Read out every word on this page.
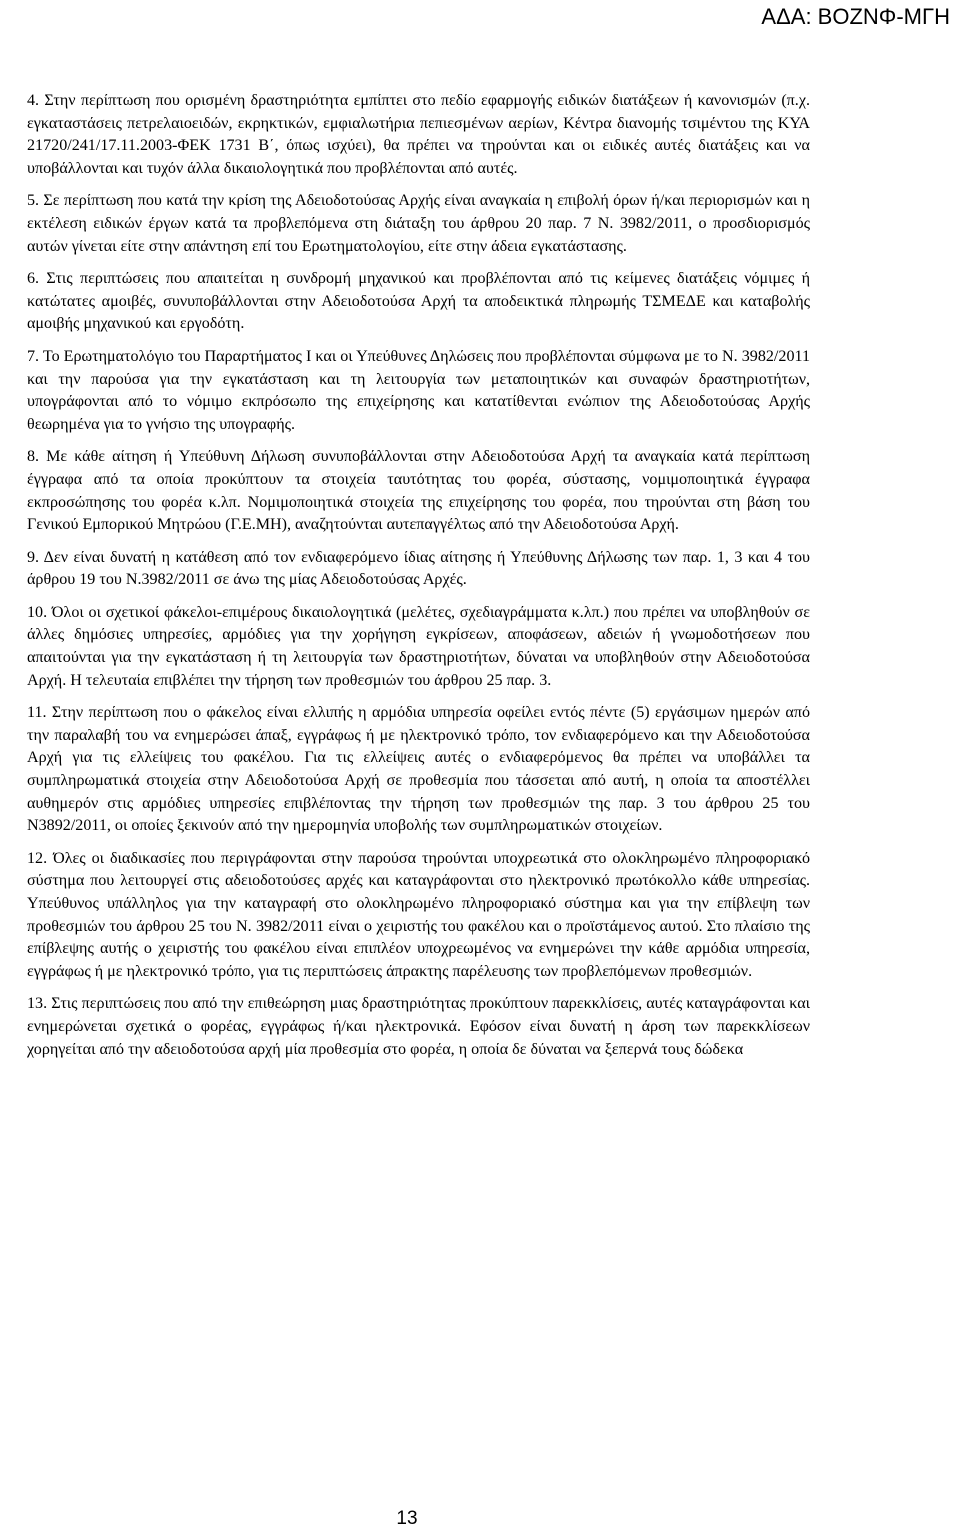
ΑΔΑ: ΒΟΖΝΦ-ΜΓΗ

4. Στην περίπτωση που ορισμένη δραστηριότητα εμπίπτει στο πεδίο εφαρμογής ειδικών διατάξεων ή κανονισμών (π.χ. εγκαταστάσεις πετρελαιοειδών, εκρηκτικών, εμφιαλωτήρια πεπιεσμένων αερίων, Κέντρα διανομής τσιμέντου της ΚΥΑ 21720/241/17.11.2003-ΦΕΚ 1731 Β΄, όπως ισχύει), θα πρέπει να τηρούνται και οι ειδικές αυτές διατάξεις και να υποβάλλονται και τυχόν άλλα δικαιολογητικά που προβλέπονται από αυτές.

5. Σε περίπτωση που κατά την κρίση της Αδειοδοτούσας Αρχής είναι αναγκαία η επιβολή όρων ή/και περιορισμών και η εκτέλεση ειδικών έργων κατά τα προβλεπόμενα στη διάταξη του άρθρου 20 παρ. 7 Ν. 3982/2011, ο προσδιορισμός αυτών γίνεται είτε στην απάντηση επί του Ερωτηματολογίου, είτε στην άδεια εγκατάστασης.

6. Στις περιπτώσεις που απαιτείται η συνδρομή μηχανικού και προβλέπονται από τις κείμενες διατάξεις νόμιμες ή κατώτατες αμοιβές, συνυποβάλλονται στην Αδειοδοτούσα Αρχή τα αποδεικτικά πληρωμής ΤΣΜΕΔΕ και καταβολής αμοιβής μηχανικού και εργοδότη.

7. Το Ερωτηματολόγιο του Παραρτήματος Ι και οι Υπεύθυνες Δηλώσεις που προβλέπονται σύμφωνα με το Ν. 3982/2011 και την παρούσα για την εγκατάσταση και τη λειτουργία των μεταποιητικών και συναφών δραστηριοτήτων, υπογράφονται από το νόμιμο εκπρόσωπο της επιχείρησης και κατατίθενται ενώπιον της Αδειοδοτούσας Αρχής θεωρημένα για το γνήσιο της υπογραφής.

8. Με κάθε αίτηση ή Υπεύθυνη Δήλωση συνυποβάλλονται στην Αδειοδοτούσα Αρχή τα αναγκαία κατά περίπτωση έγγραφα από τα οποία προκύπτουν τα στοιχεία ταυτότητας του φορέα, σύστασης, νομιμοποιητικά έγγραφα εκπροσώπησης του φορέα κ.λπ. Νομιμοποιητικά στοιχεία της επιχείρησης του φορέα, που τηρούνται στη βάση του Γενικού Εμπορικού Μητρώου (Γ.Ε.ΜΗ), αναζητούνται αυτεπαγγέλτως από την Αδειοδοτούσα Αρχή.

9. Δεν είναι δυνατή η κατάθεση από τον ενδιαφερόμενο ίδιας αίτησης ή Υπεύθυνης Δήλωσης των παρ. 1, 3 και 4 του άρθρου 19 του Ν.3982/2011 σε άνω της μίας Αδειοδοτούσας Αρχές.

10. Όλοι οι σχετικοί φάκελοι-επιμέρους δικαιολογητικά (μελέτες, σχεδιαγράμματα κ.λπ.) που πρέπει να υποβληθούν σε άλλες δημόσιες υπηρεσίες, αρμόδιες για την χορήγηση εγκρίσεων, αποφάσεων, αδειών ή γνωμοδοτήσεων που απαιτούνται για την εγκατάσταση ή τη λειτουργία των δραστηριοτήτων, δύναται να υποβληθούν στην Αδειοδοτούσα Αρχή. Η τελευταία επιβλέπει την τήρηση των προθεσμιών του άρθρου 25 παρ. 3.

11. Στην περίπτωση που ο φάκελος είναι ελλιπής η αρμόδια υπηρεσία οφείλει εντός πέντε (5) εργάσιμων ημερών από την παραλαβή του να ενημερώσει άπαξ, εγγράφως ή με ηλεκτρονικό τρόπο, τον ενδιαφερόμενο και την Αδειοδοτούσα Αρχή για τις ελλείψεις του φακέλου. Για τις ελλείψεις αυτές ο ενδιαφερόμενος θα πρέπει να υποβάλλει τα συμπληρωματικά στοιχεία στην Αδειοδοτούσα Αρχή σε προθεσμία που τάσσεται από αυτή, η οποία τα αποστέλλει αυθημερόν στις αρμόδιες υπηρεσίες επιβλέποντας την τήρηση των προθεσμιών της παρ. 3 του άρθρου 25 του Ν3892/2011, οι οποίες ξεκινούν από την ημερομηνία υποβολής των συμπληρωματικών στοιχείων.

12. Όλες οι διαδικασίες που περιγράφονται στην παρούσα τηρούνται υποχρεωτικά στο ολοκληρωμένο πληροφοριακό σύστημα που λειτουργεί στις αδειοδοτούσες αρχές και καταγράφονται στο ηλεκτρονικό πρωτόκολλο κάθε υπηρεσίας. Υπεύθυνος υπάλληλος για την καταγραφή στο ολοκληρωμένο πληροφοριακό σύστημα και για την επίβλεψη των προθεσμιών του άρθρου 25 του Ν. 3982/2011 είναι ο χειριστής του φακέλου και ο προϊστάμενος αυτού. Στο πλαίσιο της επίβλεψης αυτής ο χειριστής του φακέλου είναι επιπλέον υποχρεωμένος να ενημερώνει την κάθε αρμόδια υπηρεσία, εγγράφως ή με ηλεκτρονικό τρόπο, για τις περιπτώσεις άπρακτης παρέλευσης των προβλεπόμενων προθεσμιών.

13. Στις περιπτώσεις που από την επιθεώρηση μιας δραστηριότητας προκύπτουν παρεκκλίσεις, αυτές καταγράφονται και ενημερώνεται σχετικά ο φορέας, εγγράφως ή/και ηλεκτρονικά. Εφόσον είναι δυνατή η άρση των παρεκκλίσεων χορηγείται από την αδειοδοτούσα αρχή μία προθεσμία στο φορέα, η οποία δε δύναται να ξεπερνά τους δώδεκα

13
